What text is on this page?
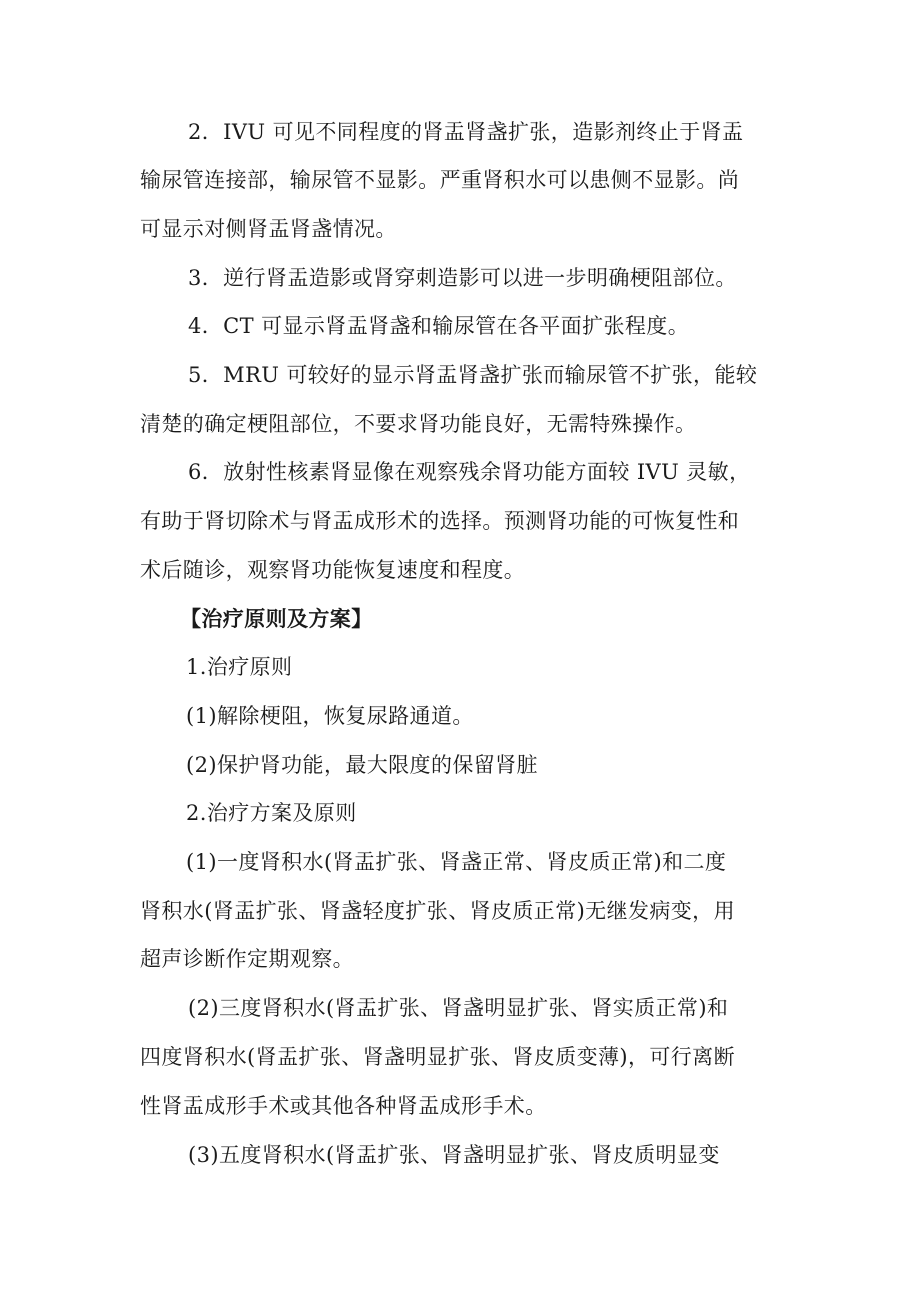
2．IVU 可见不同程度的肾盂肾盏扩张，造影剂终止于肾盂
输尿管连接部，输尿管不显影。严重肾积水可以患侧不显影。尚
可显示对侧肾盂肾盏情况。
3．逆行肾盂造影或肾穿刺造影可以进一步明确梗阻部位。
4．CT 可显示肾盂肾盏和输尿管在各平面扩张程度。
5．MRU 可较好的显示肾盂肾盏扩张而输尿管不扩张，能较
清楚的确定梗阻部位，不要求肾功能良好，无需特殊操作。
6．放射性核素肾显像在观察残余肾功能方面较 IVU 灵敏，
有助于肾切除术与肾盂成形术的选择。预测肾功能的可恢复性和
术后随诊，观察肾功能恢复速度和程度。
【治疗原则及方案】
1.治疗原则
(1)解除梗阻，恢复尿路通道。
(2)保护肾功能，最大限度的保留肾脏
2.治疗方案及原则
(1)一度肾积水(肾盂扩张、肾盏正常、肾皮质正常)和二度
肾积水(肾盂扩张、肾盏轻度扩张、肾皮质正常)无继发病变，用
超声诊断作定期观察。
(2)三度肾积水(肾盂扩张、肾盏明显扩张、肾实质正常)和
四度肾积水(肾盂扩张、肾盏明显扩张、肾皮质变薄)，可行离断
性肾盂成形手术或其他各种肾盂成形手术。
(3)五度肾积水(肾盂扩张、肾盏明显扩张、肾皮质明显变
